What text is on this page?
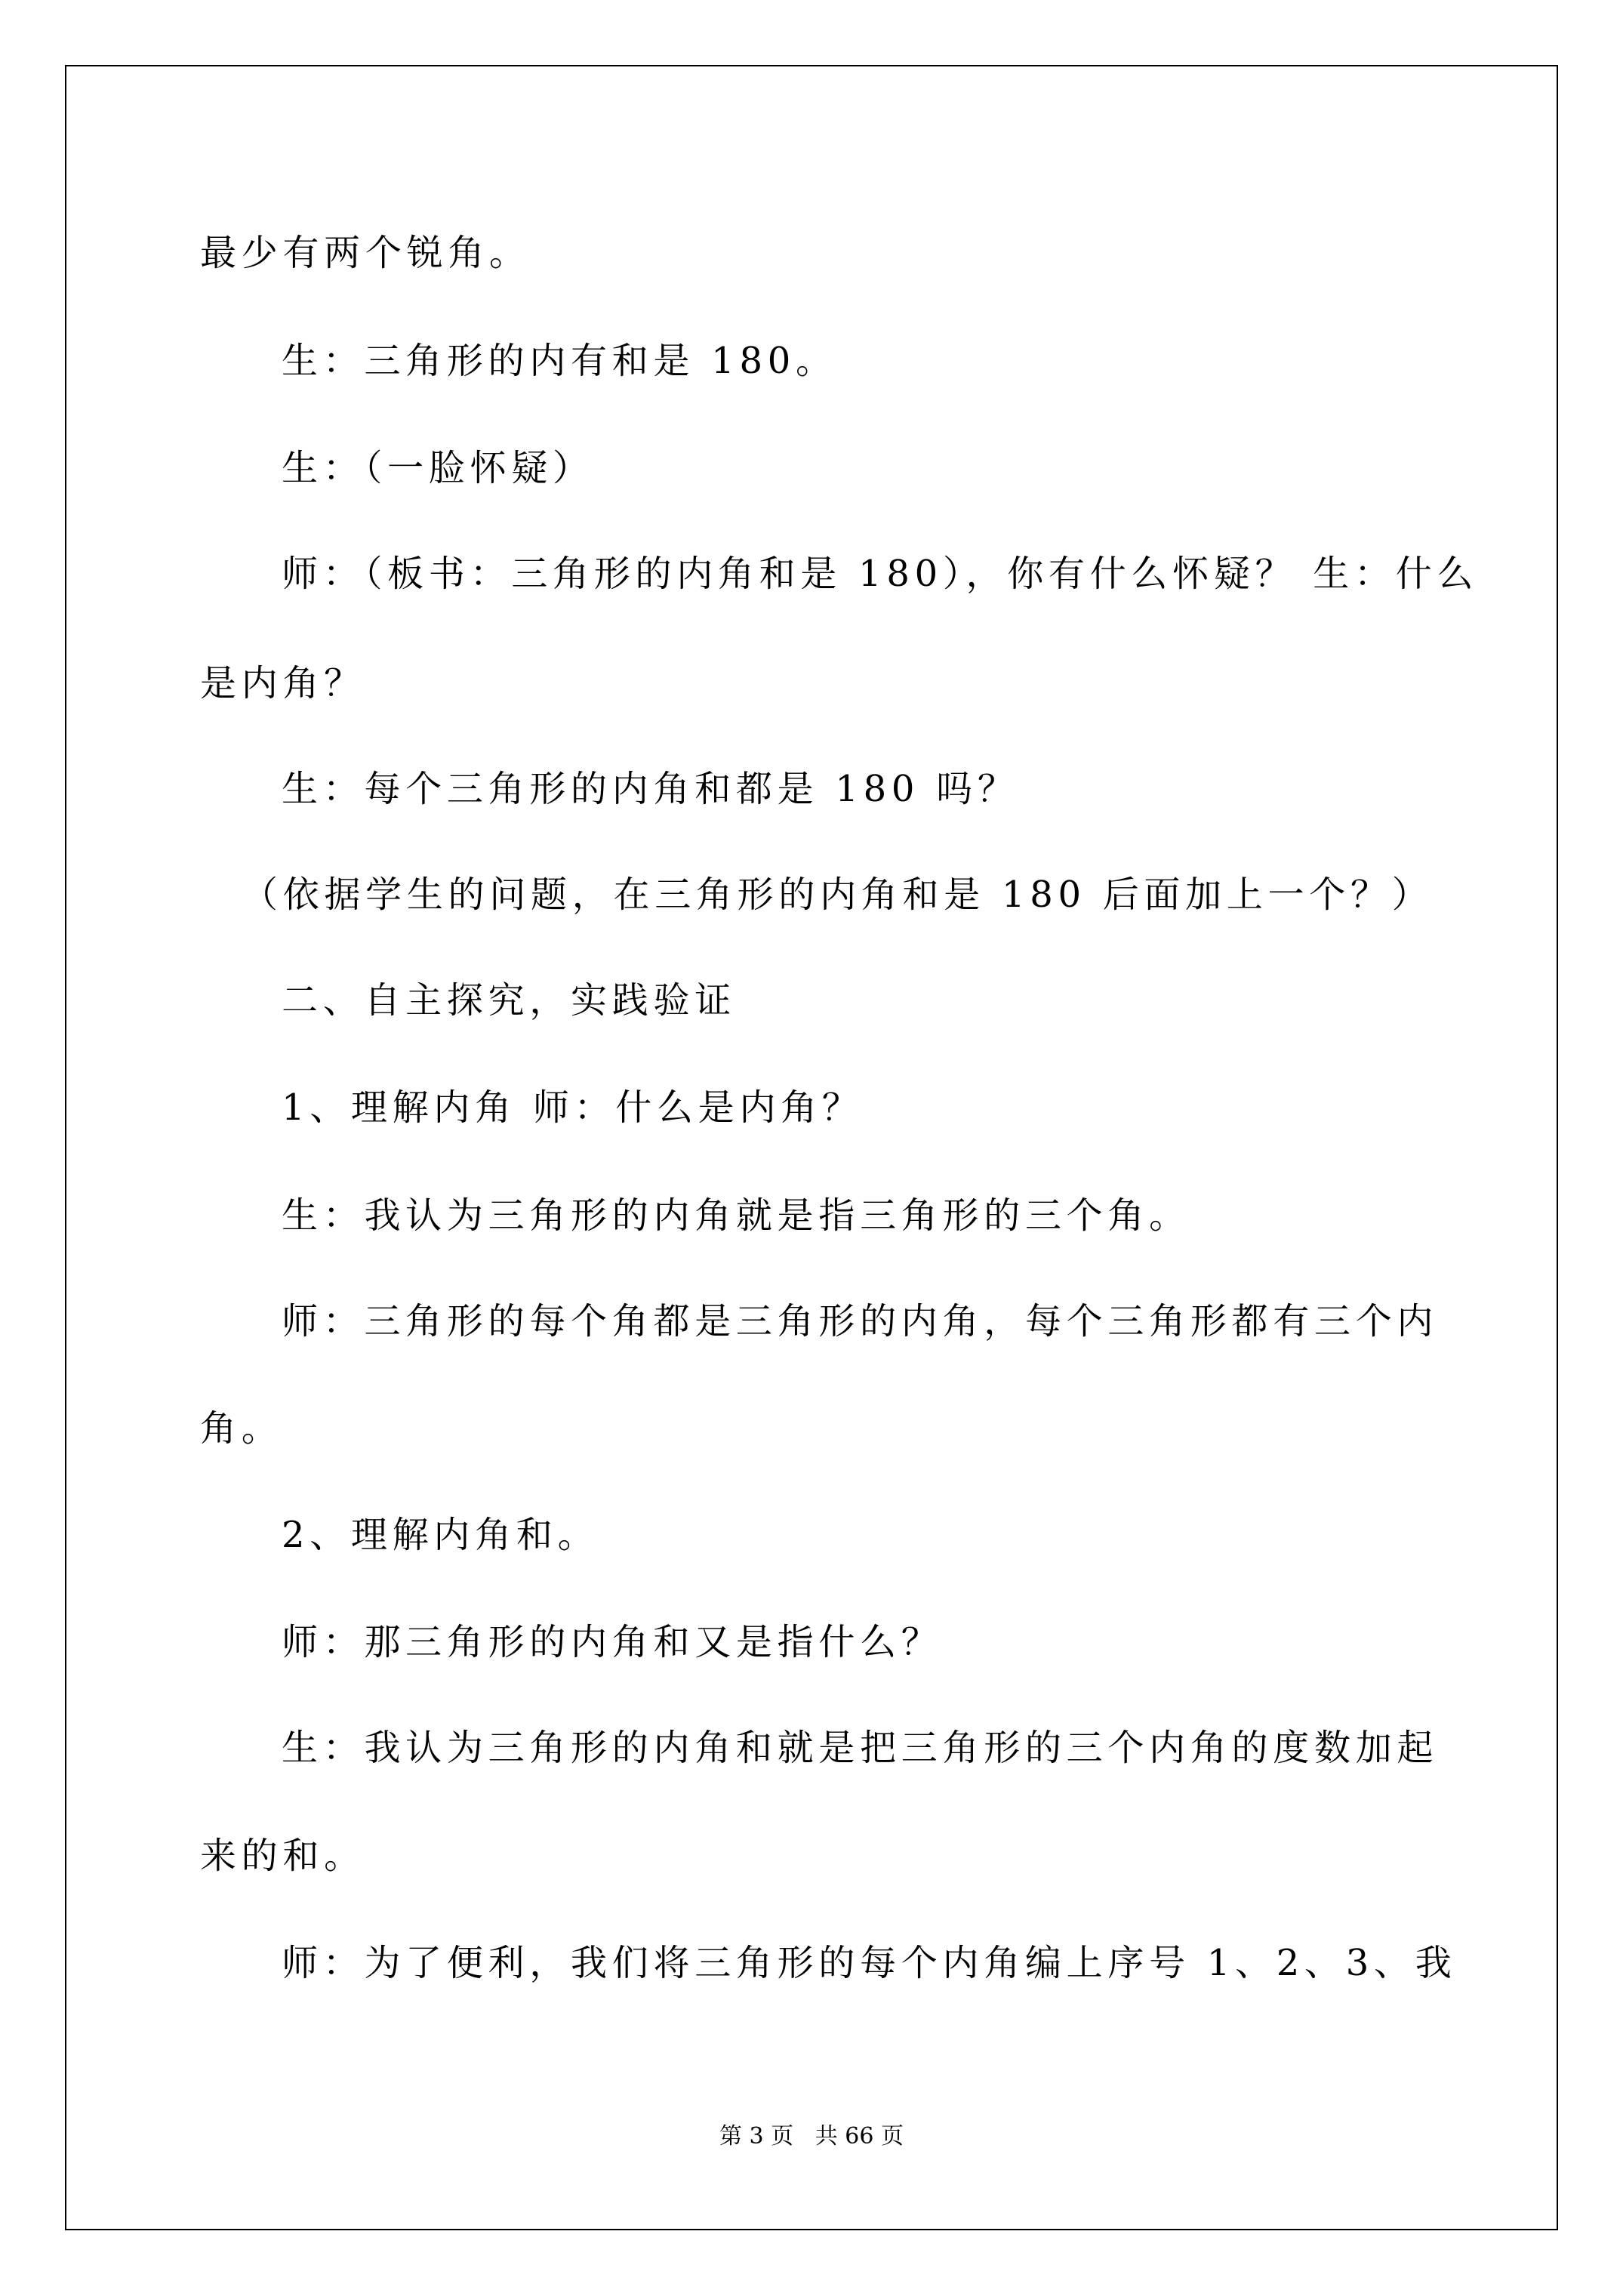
最少有两个锐角。
生：三角形的内有和是 180。
生：（一脸怀疑）
师：（板书：三角形的内角和是 180），你有什么怀疑？ 生：什么
是内角？
生：每个三角形的内角和都是 180 吗？
（依据学生的问题，在三角形的内角和是 180 后面加上一个？）
二、自主探究，实践验证
1、理解内角 师：什么是内角？
生：我认为三角形的内角就是指三角形的三个角。
师：三角形的每个角都是三角形的内角，每个三角形都有三个内
角。
2、理解内角和。
师：那三角形的内角和又是指什么？
生：我认为三角形的内角和就是把三角形的三个内角的度数加起
来的和。
师：为了便利，我们将三角形的每个内角编上序号 1、2、3、我
第 3 页   共 66 页
